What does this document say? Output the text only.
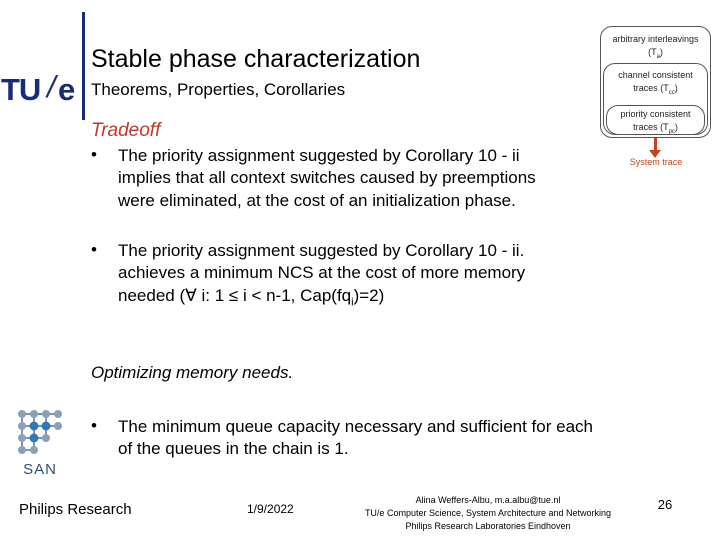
TU / e
Stable phase characterization
Theorems, Properties, Corollaries
arbitrary interleavings
$(T_a)$
channel consistent
traces $(T_{cc})$
priority consistent
traces $(T_{pc})$
System trace
Tradeoff
• The priority assignment suggested by Corollary 10 - ii
implies that all context switches caused by preemptions
were eliminated, at the cost of an initialization phase.
• The priority assignment suggested by Corollary 10 - ii.
achieves a minimum NCS at the cost of more memory
needed (∀ i: 1 ≤ i < n-1, $Cap(fq_i)=2$)
Optimizing memory needs.
SAN
• The minimum queue capacity necessary and sufficient for each
of the queues in the chain is 1.
Philips Research	1/9/2022
Alina Weffers-Albu, m.a.albu@tue.nl
TU/e Computer Science, System Architecture and Networking
Philips Research Laboratories Eindhoven
26
